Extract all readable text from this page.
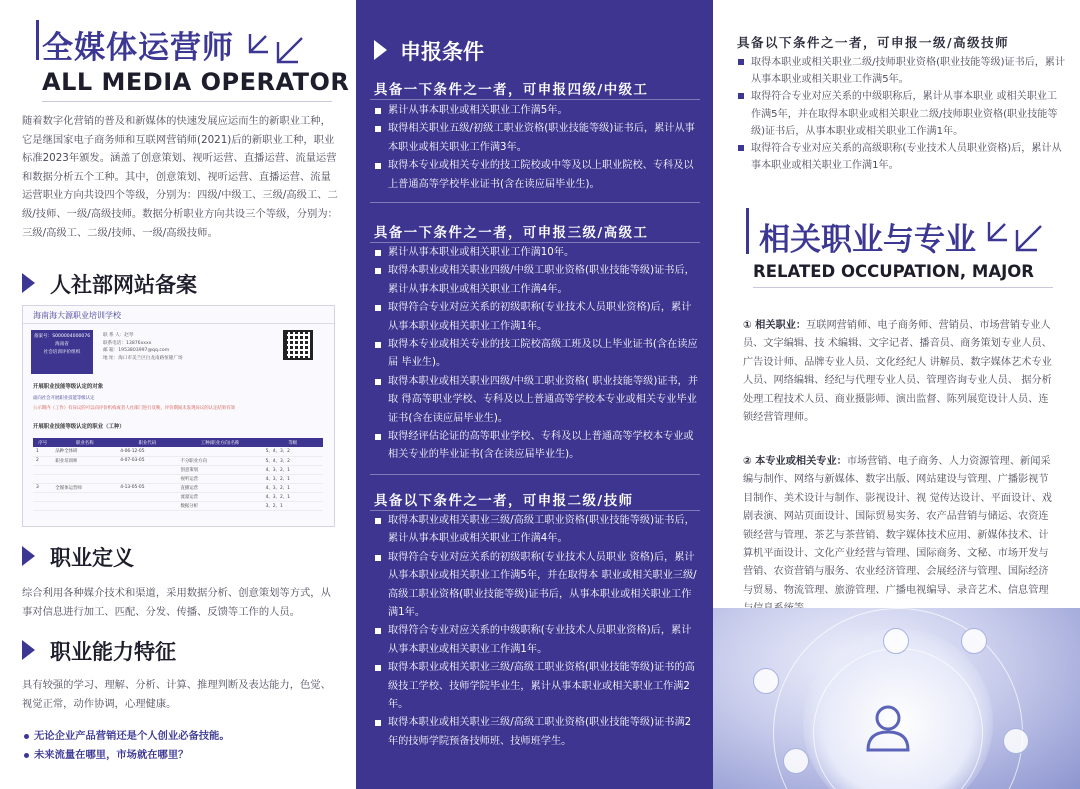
全媒体运营师
ALL MEDIA OPERATOR
随着数字化营销的普及和新媒体的快速发展应运而生的新职业工种，它是继国家电子商务师和互联网营销师(2021)后的新职业工种，职业标准2023年颁发。涵盖了创意策划、视听运营、直播运营、流量运营和数据分析五个工种。其中，创意策划、视听运营、直播运营、流量运营职业方向共设四个等级，分别为：四级/中级工、三级/高级工、二级/技师、一级/高级技师。数据分析职业方向共设三个等级，分别为：三级/高级工、二级/技师、一级/高级技师。
人社部网站备案
海南海大源职业培训学校
备案号：S000004000076
海南省
社会培训评价组织
联 系 人：赵琴
联系电话：13876xxxx
邮 箱：1953803997@qq.com
地 址：海口市美兰区白龙南路恒隆广场
开展职业技能等级认定的对象
面向社会开展职业技能等级认定
公示期内（工作）有异议的可以向评价机构或者人社部门进行反映，评价期间未发现异议的认定结果有效
开展职业技能等级认定的职业（工种）
序号	职业名称	职业代码	工种(职业方向)名称	等级
1	品种全体研	4-06-12-05		5、4、3、2
2	职业培训师	4-07-03-05	不分职业方向	5、4、3、2
			创意策划	4、3、2、1
			视听运营	4、3、2、1
3	全媒体运营师	4-13-05-05	直播运营	4、3、2、1
			流量运营	4、3、2、1
			数据分析	3、2、1
职业定义
综合利用各种媒介技术和渠道，采用数据分析、创意策划等方式，从事对信息进行加工、匹配、分发、传播、反馈等工作的人员。
职业能力特征
具有较强的学习、理解、分析、计算、推理判断及表达能力，色觉、视觉正常，动作协调，心理健康。
无论企业产品营销还是个人创业必备技能。
未来流量在哪里，市场就在哪里？
申报条件
具备一下条件之一者，可申报四级/中级工
累计从事本职业或相关职业工作满5年。
取得相关职业五级/初级工职业资格(职业技能等级)证书后，累计从事本职业或相关职业工作满3年。
取得本专业或相关专业的技工院校或中等及以上职业院校、专科及以上普通高等学校毕业证书(含在读应届毕业生)。
具备一下条件之一者，可申报三级/高级工
累计从事本职业或相关职业工作满10年。
取得本职业或相关职业四级/中级工职业资格(职业技能等级)证书后，累计从事本职业或相关职业工作满4年。
取得符合专业对应关系的初级职称(专业技术人员职业资格)后，累计从事本职业或相关职业工作满1年。
取得本专业或相关专业的技工院校高级工班及以上毕业证书(含在读应届 毕业生)。
取得本职业或相关职业四级/中级工职业资格( 职业技能等级)证书，并取 得高等职业学校、专科及以上普通高等学校本专业或相关专业毕业证书(含在读应届毕业生)。
取得经评估论证的高等职业学校、专科及以上普通高等学校本专业或相关专业的毕业证书(含在读应届毕业生)。
具备以下条件之一者，可申报二级/技师
取得本职业或相关职业三级/高级工职业资格(职业技能等级)证书后，累计从事本职业或相关职业工作满4年。
取得符合专业对应关系的初级职称(专业技术人员职业 资格)后，累计从事本职业或相关职业工作满5年，并在取得本 职业或相关职业三级/高级工职业资格(职业技能等级)证书后，从事本职业或相关职业工作满1年。
取得符合专业对应关系的中级职称(专业技术人员职业资格)后，累计从事本职业或相关职业工作满1年。
取得本职业或相关职业三级/高级工职业资格(职业技能等级)证书的高级技工学校、技师学院毕业生，累计从事本职业或相关职业工作满2年。
取得本职业或相关职业三级/高级工职业资格(职业技能等级)证书满2年的技师学院预备技师班、技师班学生。
具备以下条件之一者，可申报一级/高级技师
取得本职业或相关职业二级/技师职业资格(职业技能等级)证书后，累计从事本职业或相关职业工作满5年。
取得符合专业对应关系的中级职称后，累计从事本职业 或相关职业工作满5年，并在取得本职业或相关职业二级/技师职业资格(职业技能等级)证书后，从事本职业或相关职业工作满1年。
取得符合专业对应关系的高级职称(专业技术人员职业资格)后，累计从事本职业或相关职业工作满1年。
相关职业与专业
RELATED OCCUPATION, MAJOR
① 相关职业：互联网营销师、电子商务师、营销员、市场营销专业人员、文字编辑、技 术编辑、文字记者、播音员、商务策划专业人员、广告设计师、品牌专业人员、文化经纪人 讲解员、数字媒体艺术专业人员、网络编辑、经纪与代理专业人员、管理咨询专业人员、 据分析处理工程技术人员、商业摄影师、演出监督、陈列展览设计人员、连锁经营管理师。
② 本专业或相关专业：市场营销、电子商务、人力资源管理、新闻采编与制作、网络与新媒体、数字出版、网站建设与管理、广播影视节目制作、美术设计与制作、影视设计、视 觉传达设计、平面设计、戏剧表演、网站页面设计、国际贸易实务、农产品营销与储运、农资连锁经营与管理、茶艺与茶营销、数字媒体技术应用、新媒体技术、计算机平面设计、文化产业经营与管理、国际商务、文秘、市场开发与营销、农资营销与服务、农业经济管理、会展经济与管理、国际经济与贸易、物流管理、旅游管理、广播电视编导、录音艺术、信息管理
